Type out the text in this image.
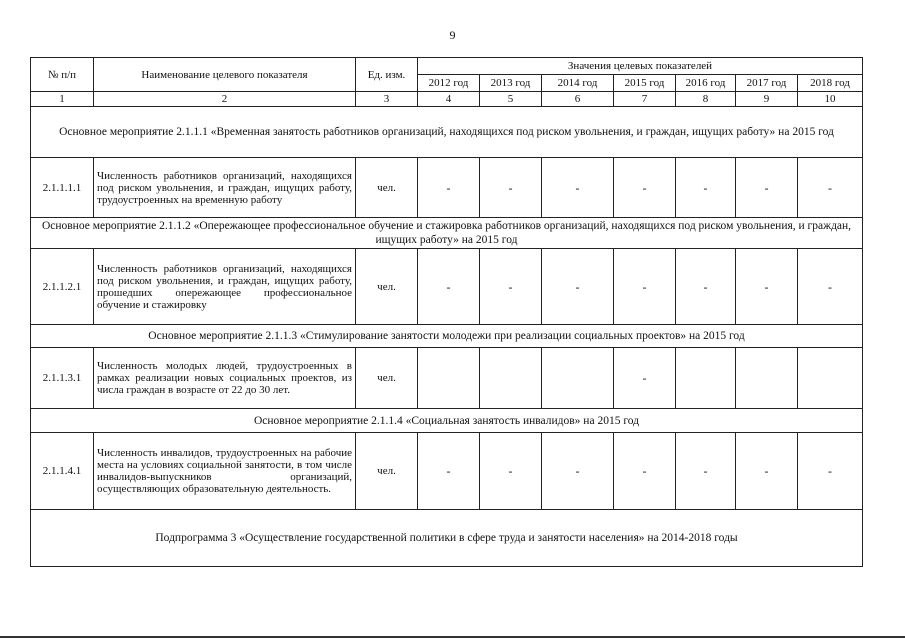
9
№ п/п	Наименование целевого показателя	Ед. изм.	Значения целевых показателей						
			2012 год	2013 год	2014 год	2015 год	2016 год	2017 год	2018 год
1	2	3	4	5	6	7	8	9	10
Основное мероприятие 2.1.1.1 «Временная занятость работников организаций, находящихся под риском увольнения, и граждан, ищущих работу» на 2015 год									
2.1.1.1.1	Численность работников организаций, находящихся под риском увольнения, и граждан, ищущих работу, трудоустроенных на временную работу	чел.	-	-	-	-	-	-	-
Основное мероприятие 2.1.1.2 «Опережающее профессиональное обучение и стажировка работников организаций, находящихся под риском увольнения, и граждан, ищущих работу» на 2015 год									
2.1.1.2.1	Численность работников организаций, находящихся под риском увольнения, и граждан, ищущих работу, прошедших опережающее профессиональное обучение и стажировку	чел.	-	-	-	-	-	-	-
Основное мероприятие 2.1.1.3 «Стимулирование занятости молодежи при реализации социальных проектов» на 2015 год									
2.1.1.3.1	Численность молодых людей, трудоустроенных в рамках реализации новых социальных проектов, из числа граждан в возрасте от 22 до 30 лет.	чел.				-			
Основное мероприятие 2.1.1.4 «Социальная занятость инвалидов» на 2015 год									
2.1.1.4.1	Численность инвалидов, трудоустроенных на рабочие места на условиях социальной занятости, в том числе инвалидов-выпускников организаций, осуществляющих образовательную деятельность.	чел.	-	-	-	-	-	-	-
Подпрограмма 3 «Осуществление государственной политики в сфере труда и занятости населения» на 2014-2018 годы									
